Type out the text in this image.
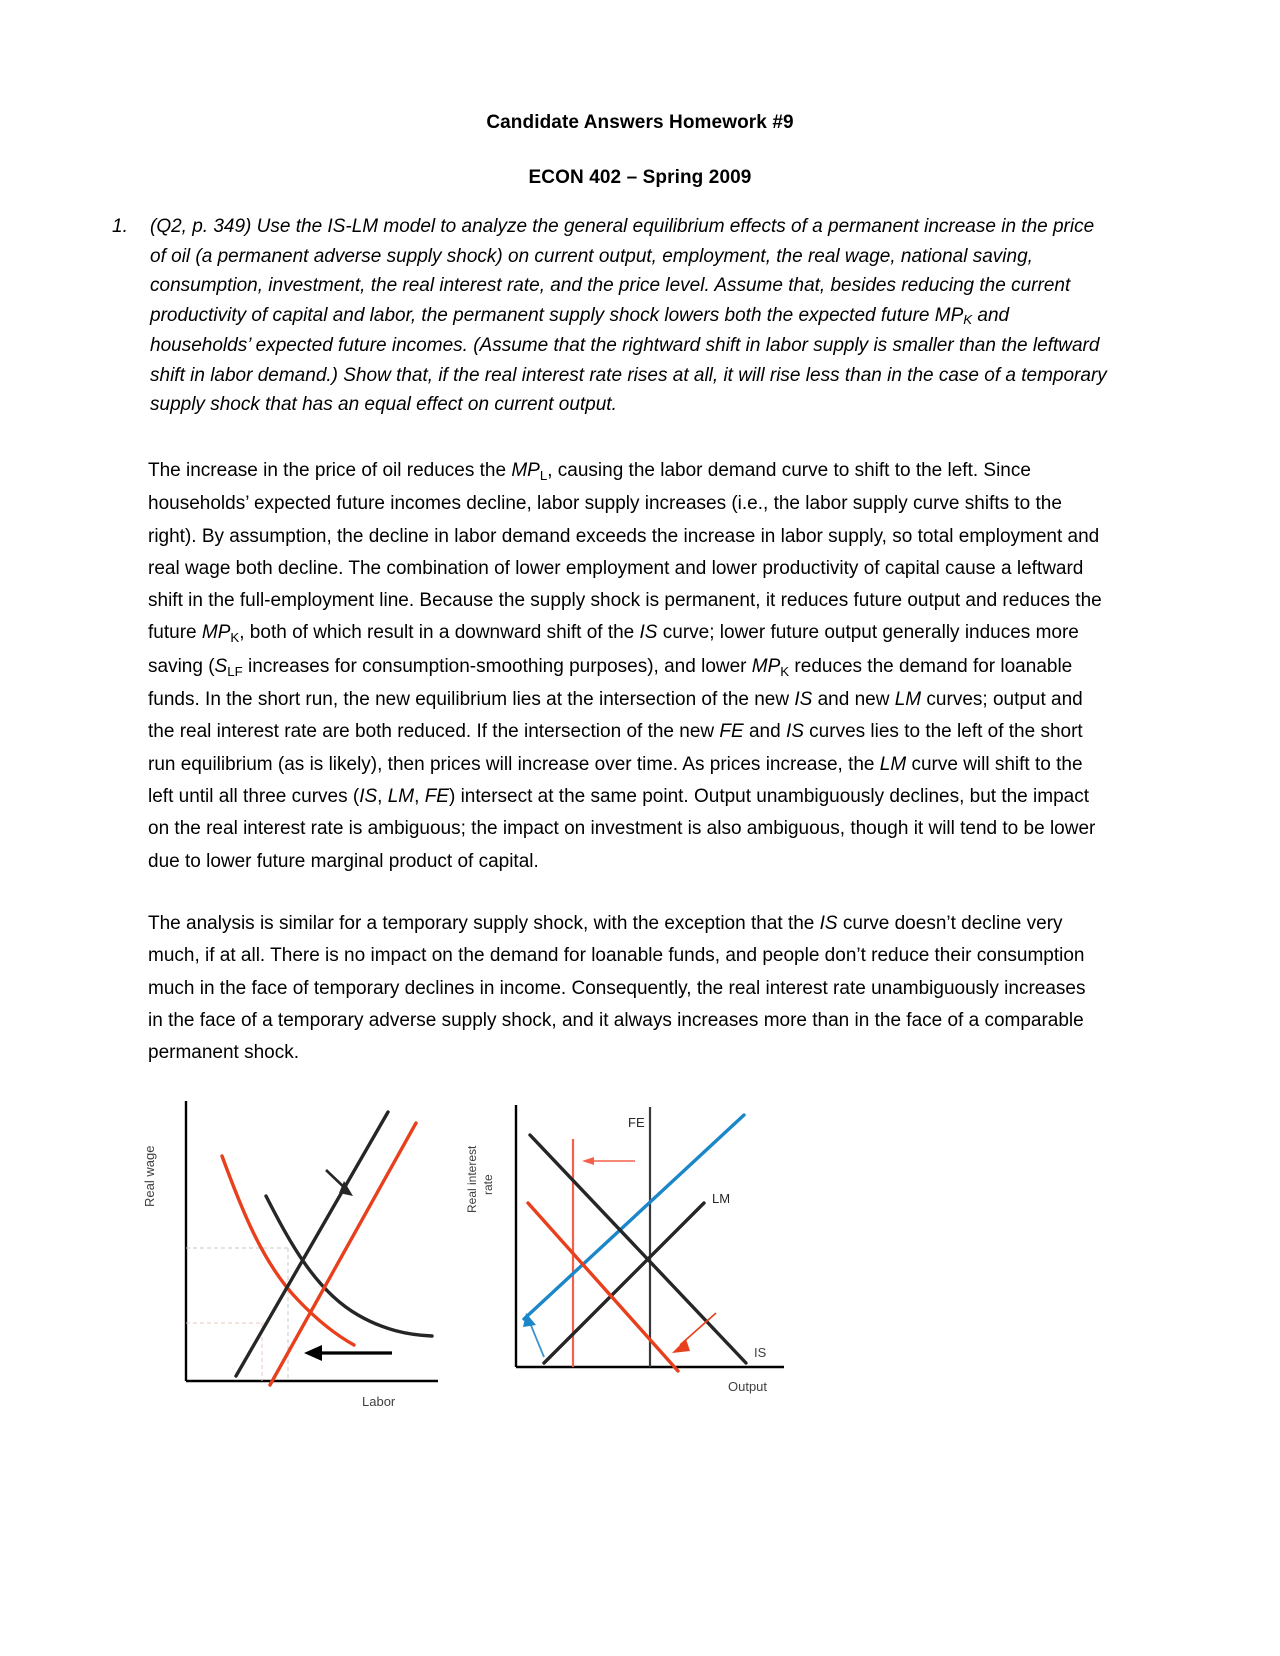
Candidate Answers Homework #9
ECON 402 – Spring 2009
1.	(Q2, p. 349) Use the IS-LM model to analyze the general equilibrium effects of a permanent increase in the price of oil (a permanent adverse supply shock) on current output, employment, the real wage, national saving, consumption, investment, the real interest rate, and the price level. Assume that, besides reducing the current productivity of capital and labor, the permanent supply shock lowers both the expected future $MP_K$ and households’ expected future incomes. (Assume that the rightward shift in labor supply is smaller than the leftward shift in labor demand.) Show that, if the real interest rate rises at all, it will rise less than in the case of a temporary supply shock that has an equal effect on current output.
The increase in the price of oil reduces the $MP_L$, causing the labor demand curve to shift to the left. Since households’ expected future incomes decline, labor supply increases (i.e., the labor supply curve shifts to the right). By assumption, the decline in labor demand exceeds the increase in labor supply, so total employment and real wage both decline. The combination of lower employment and lower productivity of capital cause a leftward shift in the full-employment line. Because the supply shock is permanent, it reduces future output and reduces the future $MP_K$, both of which result in a downward shift of the IS curve; lower future output generally induces more saving ($S_{LF}$ increases for consumption-smoothing purposes), and lower $MP_K$ reduces the demand for loanable funds. In the short run, the new equilibrium lies at the intersection of the new IS and new LM curves; output and the real interest rate are both reduced. If the intersection of the new FE and IS curves lies to the left of the short run equilibrium (as is likely), then prices will increase over time. As prices increase, the LM curve will shift to the left until all three curves (IS, LM, FE) intersect at the same point. Output unambiguously declines, but the impact on the real interest rate is ambiguous; the impact on investment is also ambiguous, though it will tend to be lower due to lower future marginal product of capital.
The analysis is similar for a temporary supply shock, with the exception that the IS curve doesn’t decline very much, if at all. There is no impact on the demand for loanable funds, and people don’t reduce their consumption much in the face of temporary declines in income. Consequently, the real interest rate unambiguously increases in the face of a temporary adverse supply shock, and it always increases more than in the face of a comparable permanent shock.
Real wage
Labor
Real interest rate
FE
LM
IS
Output
